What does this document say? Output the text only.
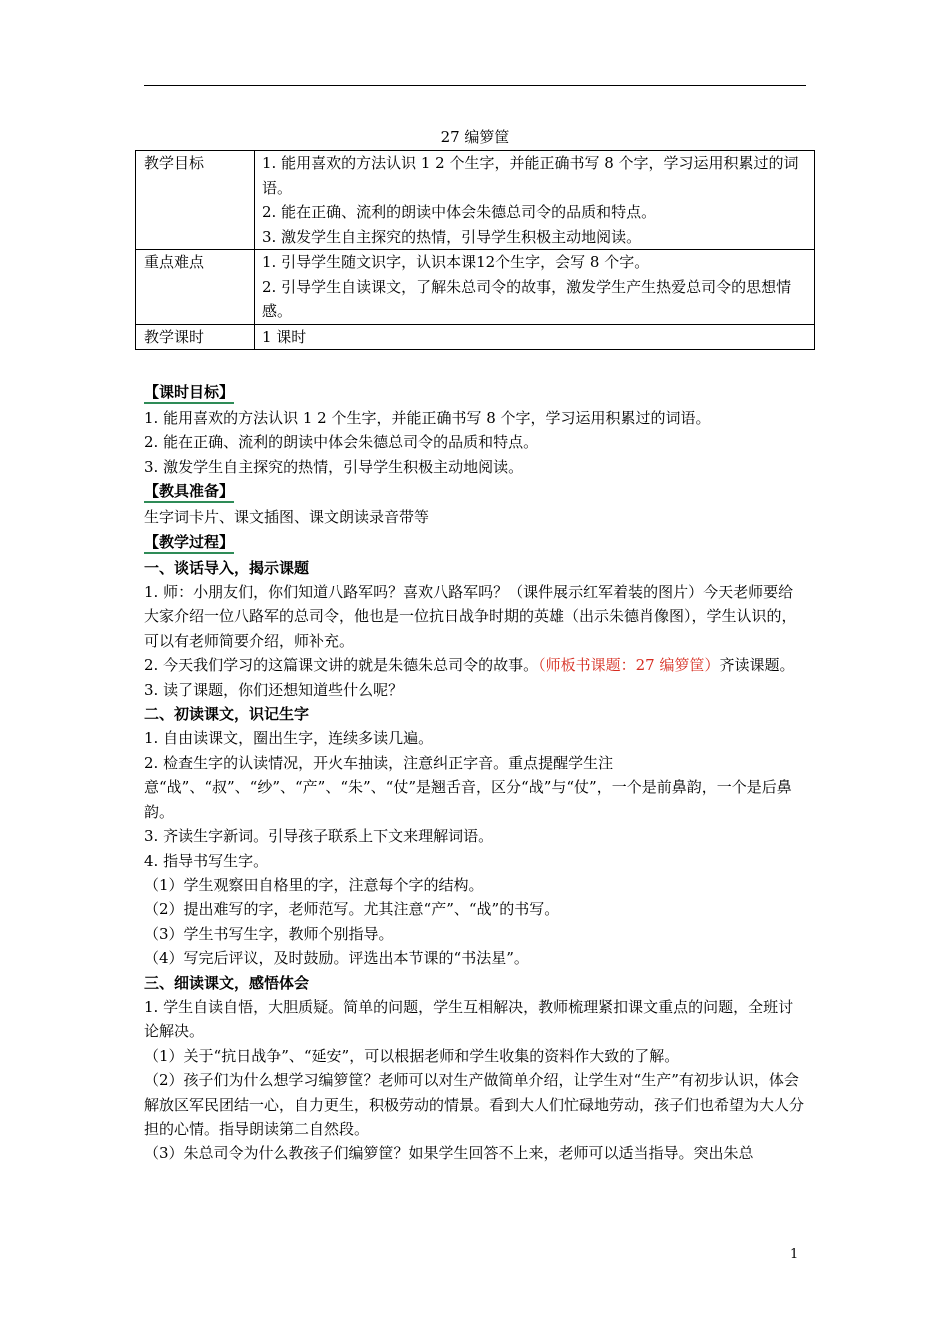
27 编箩筐
教学目标	1. 能用喜欢的方法认识 1 2 个生字，并能正确书写 8 个字，学习运用积累过的词语。
2. 能在正确、流利的朗读中体会朱德总司令的品质和特点。
3. 激发学生自主探究的热情，引导学生积极主动地阅读。

重点难点	1. 引导学生随文识字，认识本课12个生字，会写 8 个字。
2. 引导学生自读课文，了解朱总司令的故事，激发学生产生热爱总司令的思想情感。

教学课时	1 课时
【课时目标】
1. 能用喜欢的方法认识 1 2 个生字，并能正确书写 8 个字，学习运用积累过的词语。
2. 能在正确、流利的朗读中体会朱德总司令的品质和特点。
3. 激发学生自主探究的热情，引导学生积极主动地阅读。
【教具准备】
生字词卡片、课文插图、课文朗读录音带等
【教学过程】
一、谈话导入，揭示课题
1. 师：小朋友们，你们知道八路军吗？喜欢八路军吗？（课件展示红军着装的图片）今天老师要给大家介绍一位八路军的总司令，他也是一位抗日战争时期的英雄（出示朱德肖像图），学生认识的，可以有老师简要介绍，师补充。
2. 今天我们学习的这篇课文讲的就是朱德朱总司令的故事。（师板书课题：27 编箩筐）齐读课题。
3. 读了课题，你们还想知道些什么呢？
二、初读课文，识记生字
1. 自由读课文，圈出生字，连续多读几遍。
2. 检查生字的认读情况，开火车抽读，注意纠正字音。重点提醒学生注意“战”、“叔”、“纱”、“产”、“朱”、“仗”是翘舌音，区分“战”与“仗”，一个是前鼻韵，一个是后鼻韵。
3. 齐读生字新词。引导孩子联系上下文来理解词语。
4. 指导书写生字。
（1）学生观察田自格里的字，注意每个字的结构。
（2）提出难写的字，老师范写。尤其注意“产”、“战”的书写。
（3）学生书写生字，教师个别指导。
（4）写完后评议，及时鼓励。评选出本节课的“书法星”。
三、细读课文，感悟体会
1. 学生自读自悟，大胆质疑。简单的问题，学生互相解决，教师梳理紧扣课文重点的问题，全班讨论解决。
（1）关于“抗日战争”、“延安”，可以根据老师和学生收集的资料作大致的了解。
（2）孩子们为什么想学习编箩筐？老师可以对生产做简单介绍，让学生对“生产”有初步认识，体会解放区军民团结一心，自力更生，积极劳动的情景。看到大人们忙碌地劳动，孩子们也希望为大人分担的心情。指导朗读第二自然段。
（3）朱总司令为什么教孩子们编箩筐？如果学生回答不上来，老师可以适当指导。突出朱总
1
